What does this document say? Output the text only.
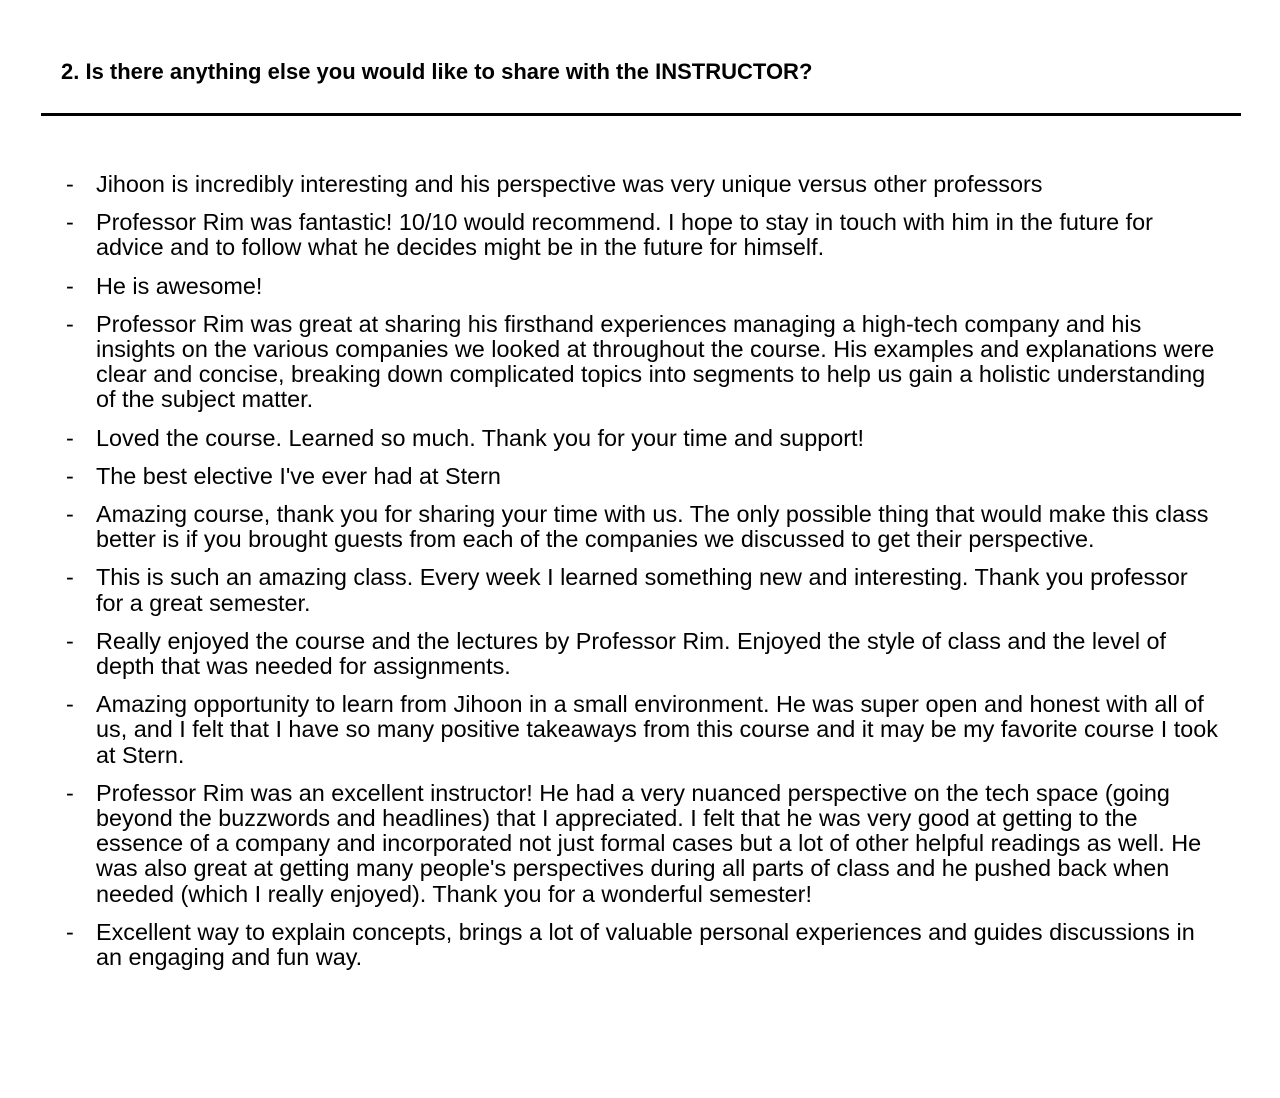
2. Is there anything else you would like to share with the INSTRUCTOR?
- Jihoon is incredibly interesting and his perspective was very unique versus other professors
- Professor Rim was fantastic! 10/10 would recommend. I hope to stay in touch with him in the future for advice and to follow what he decides might be in the future for himself.
- He is awesome!
- Professor Rim was great at sharing his firsthand experiences managing a high-tech company and his insights on the various companies we looked at throughout the course. His examples and explanations were clear and concise, breaking down complicated topics into segments to help us gain a holistic understanding of the subject matter.
- Loved the course. Learned so much. Thank you for your time and support!
- The best elective I've ever had at Stern
- Amazing course, thank you for sharing your time with us. The only possible thing that would make this class better is if you brought guests from each of the companies we discussed to get their perspective.
- This is such an amazing class. Every week I learned something new and interesting. Thank you professor for a great semester.
- Really enjoyed the course and the lectures by Professor Rim. Enjoyed the style of class and the level of depth that was needed for assignments.
- Amazing opportunity to learn from Jihoon in a small environment. He was super open and honest with all of us, and I felt that I have so many positive takeaways from this course and it may be my favorite course I took at Stern.
- Professor Rim was an excellent instructor! He had a very nuanced perspective on the tech space (going beyond the buzzwords and headlines) that I appreciated. I felt that he was very good at getting to the essence of a company and incorporated not just formal cases but a lot of other helpful readings as well. He was also great at getting many people's perspectives during all parts of class and he pushed back when needed (which I really enjoyed). Thank you for a wonderful semester!
- Excellent way to explain concepts, brings a lot of valuable personal experiences and guides discussions in an engaging and fun way.
